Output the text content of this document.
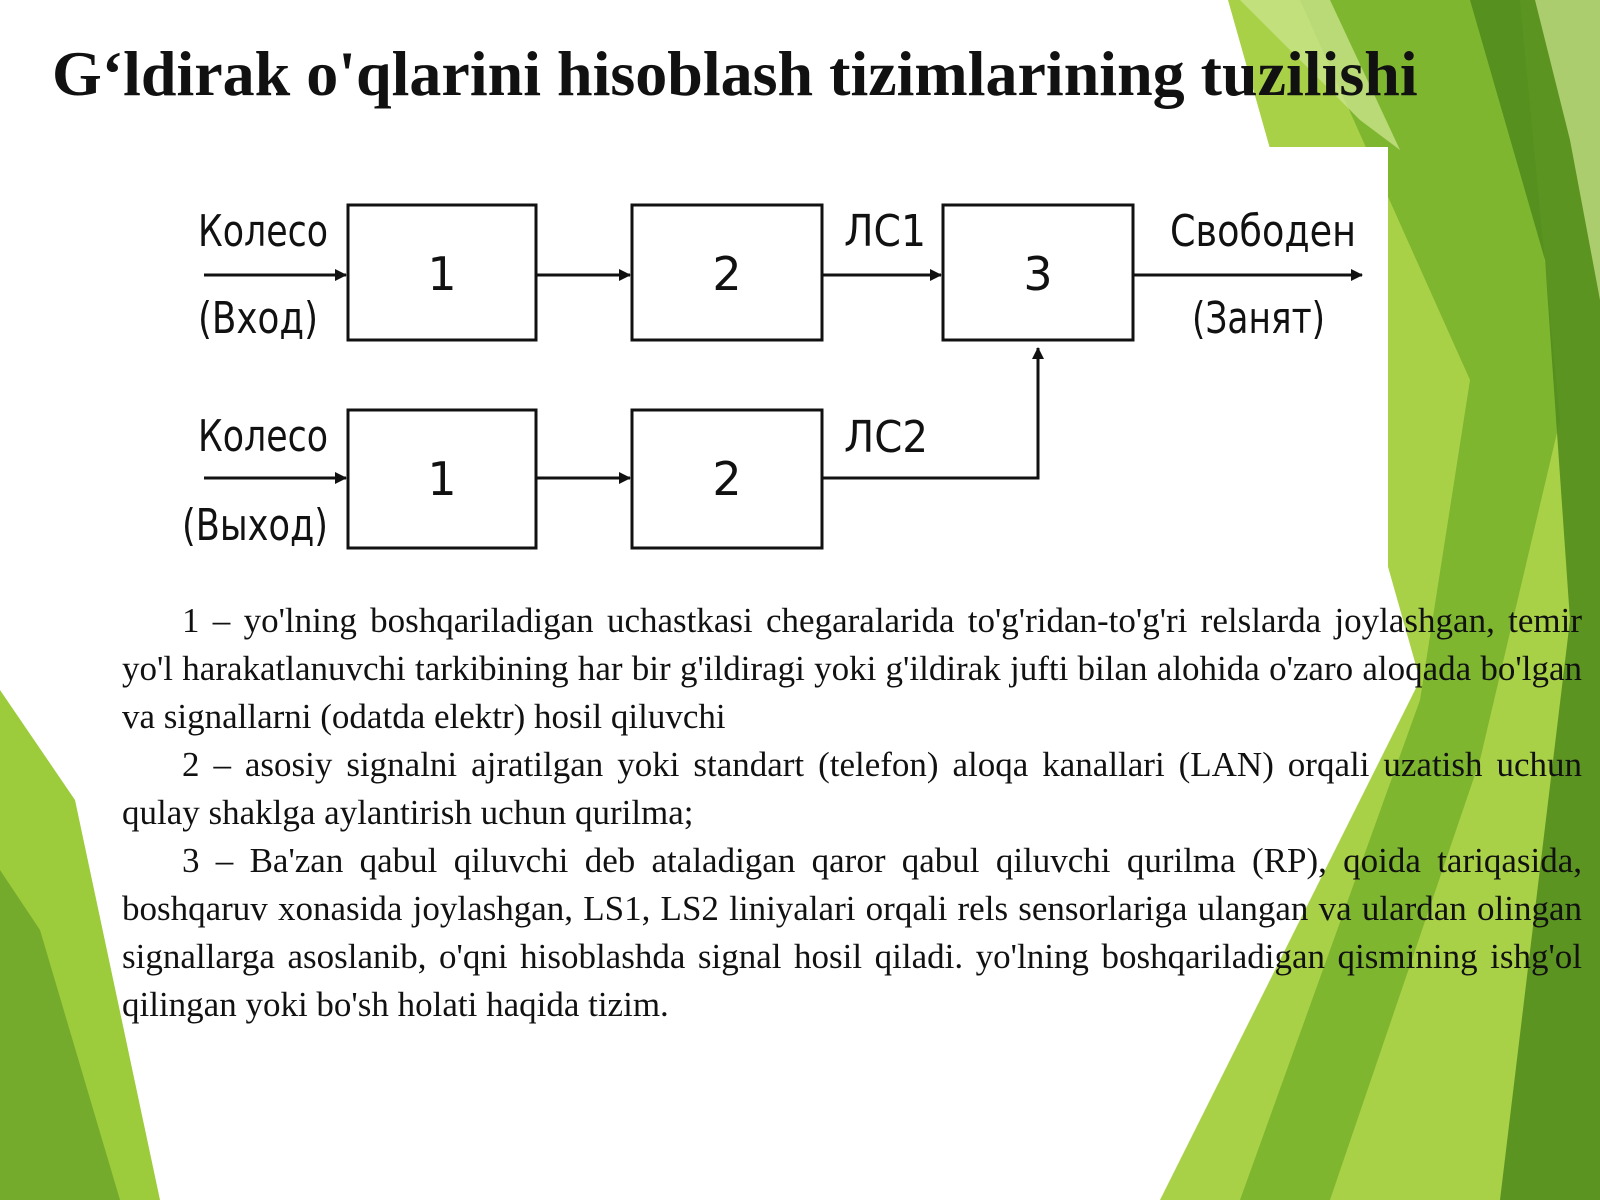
G‘ldirak o'qlarini hisoblash tizimlarining tuzilishi
Колесо
(Вход)
1	2
ЛС1
3
Свободен
(Занят)
Колесо
(Выход)
1	2
ЛС2

1 – yo'lning boshqariladigan uchastkasi chegaralarida to'g'ridan-to'g'ri relslarda joylashgan, temir yo'l harakatlanuvchi tarkibining har bir g'ildiragi yoki g'ildirak jufti bilan alohida o'zaro aloqada bo'lgan va signallarni (odatda elektr) hosil qiluvchi

2 – asosiy signalni ajratilgan yoki standart (telefon) aloqa kanallari (LAN) orqali uzatish uchun qulay shaklga aylantirish uchun qurilma;

3 – Ba'zan qabul qiluvchi deb ataladigan qaror qabul qiluvchi qurilma (RP), qoida tariqasida, boshqaruv xonasida joylashgan, LS1, LS2 liniyalari orqali rels sensorlariga ulangan va ulardan olingan signallarga asoslanib, o'qni hisoblashda signal hosil qiladi. yo'lning boshqariladigan qismining ishg'ol qilingan yoki bo'sh holati haqida tizim.
